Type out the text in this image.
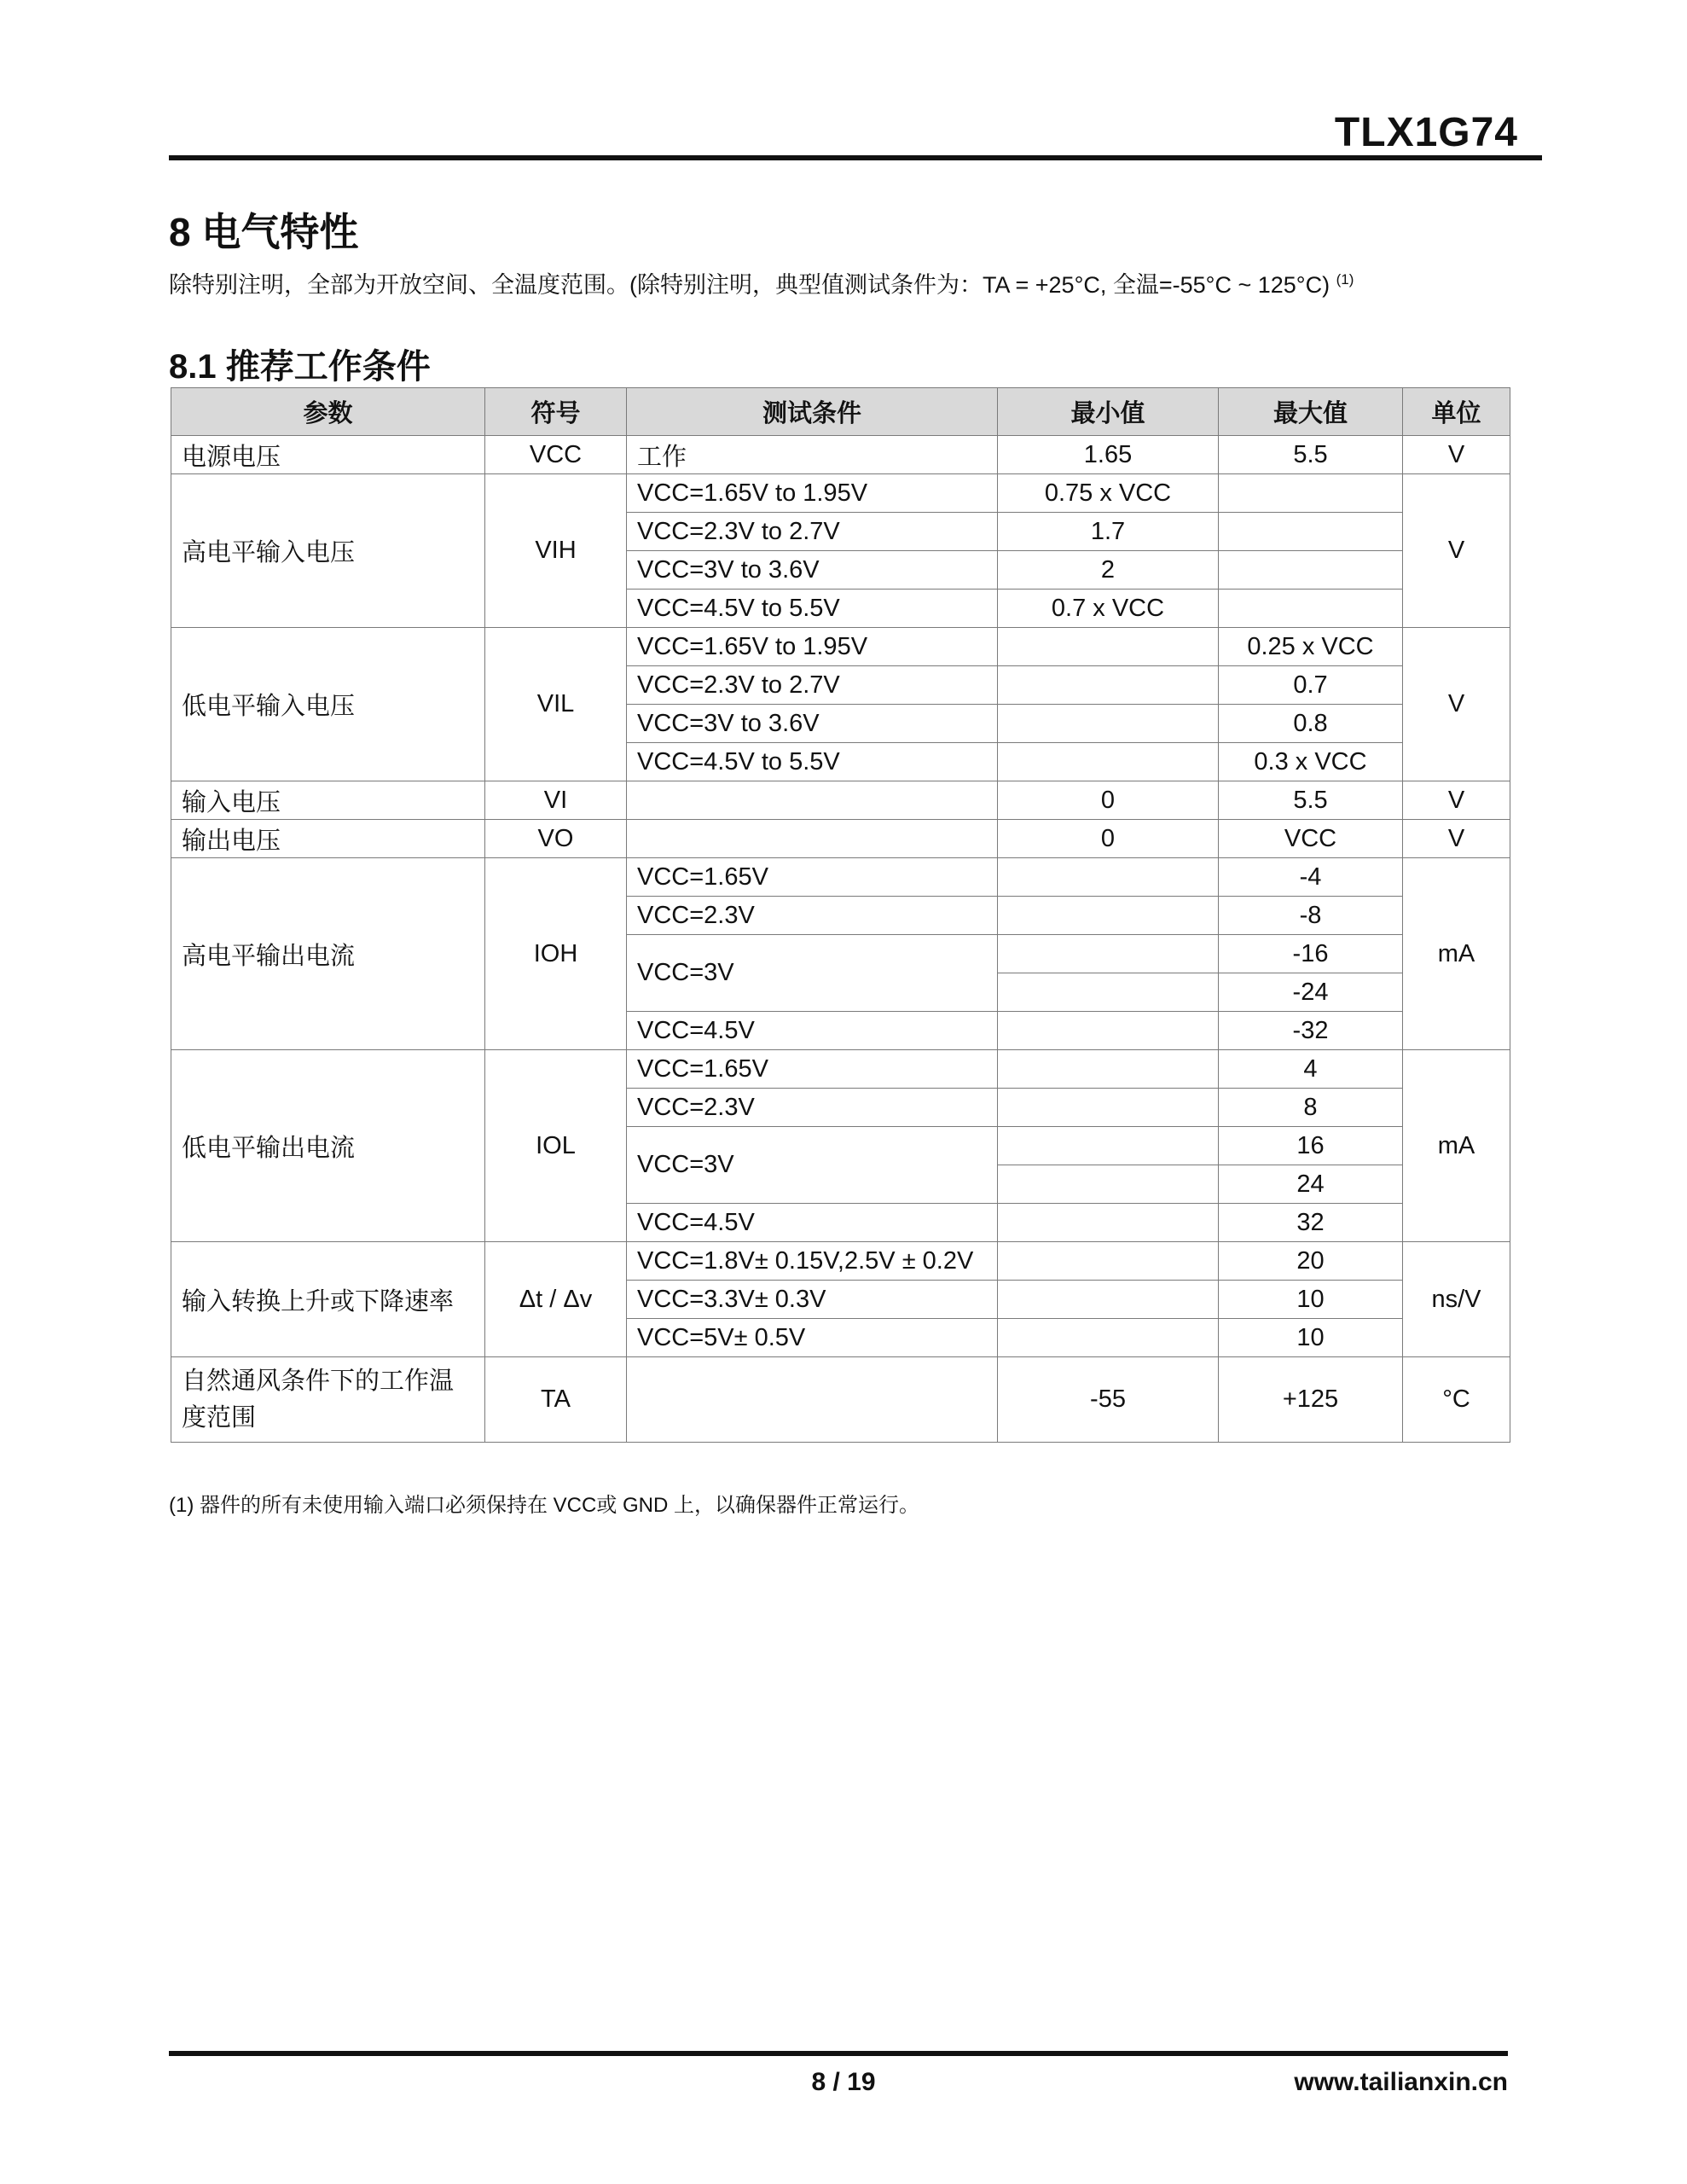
TLX1G74
8 电气特性
除特别注明，全部为开放空间、全温度范围。(除特别注明，典型值测试条件为：TA = +25°C, 全温=-55°C ~ 125°C) $^{(1)}$
8.1 推荐工作条件
参数	符号	测试条件	最小值	最大值	单位
电源电压	VCC	工作	1.65	5.5	V
高电平输入电压	VIH	VCC=1.65V to 1.95V	0.75 x VCC		V
		VCC=2.3V to 2.7V	1.7		
		VCC=3V to 3.6V	2		
		VCC=4.5V to 5.5V	0.7 x VCC		
低电平输入电压	VIL	VCC=1.65V to 1.95V		0.25 x VCC	V
		VCC=2.3V to 2.7V		0.7	
		VCC=3V to 3.6V		0.8	
		VCC=4.5V to 5.5V		0.3 x VCC	
输入电压	VI		0	5.5	V
输出电压	VO		0	VCC	V
高电平输出电流	IOH	VCC=1.65V		-4	mA
		VCC=2.3V		-8	
		VCC=3V		-16	
				-24	
		VCC=4.5V		-32	
低电平输出电流	IOL	VCC=1.65V		4	mA
		VCC=2.3V		8	
		VCC=3V		16	
				24	
		VCC=4.5V		32	
输入转换上升或下降速率	Δt / Δv	VCC=1.8V± 0.15V,2.5V ± 0.2V		20	ns/V
		VCC=3.3V± 0.3V		10	
		VCC=5V± 0.5V		10	
自然通风条件下的工作温度范围	TA		-55	+125	°C
(1) 器件的所有未使用输入端口必须保持在 VCC或 GND 上，以确保器件正常运行。
8 / 19	www.tailianxin.cn
